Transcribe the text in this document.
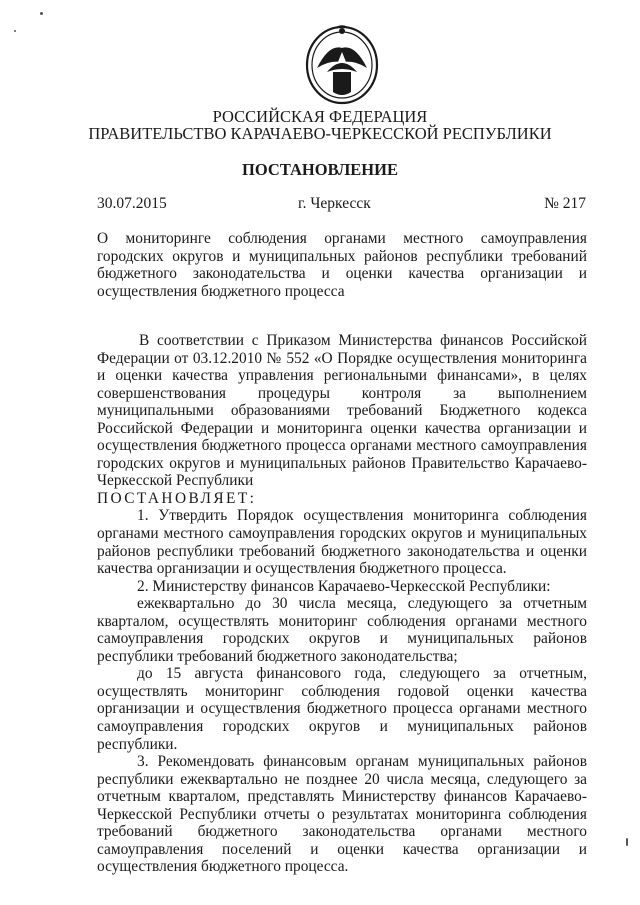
РОССИЙСКАЯ ФЕДЕРАЦИЯ
ПРАВИТЕЛЬСТВО КАРАЧАЕВО-ЧЕРКЕССКОЙ РЕСПУБЛИКИ
ПОСТАНОВЛЕНИЕ
30.07.2015	г. Черкесск	№ 217
О мониторинге соблюдения органами местного самоуправления городских округов и муниципальных районов республики требований бюджетного законодательства и оценки качества организации и осуществления бюджетного процесса

В соответствии с Приказом Министерства финансов Российской Федерации от 03.12.2010 № 552 «О Порядке осуществления мониторинга и оценки качества управления региональными финансами», в целях совершенствования процедуры контроля за выполнением муниципальными образованиями требований Бюджетного кодекса Российской Федерации и мониторинга оценки качества организации и осуществления бюджетного процесса органами местного самоуправления городских округов и муниципальных районов Правительство Карачаево-Черкесской Республики

ПОСТАНОВЛЯЕТ:

1. Утвердить Порядок осуществления мониторинга соблюдения органами местного самоуправления городских округов и муниципальных районов республики требований бюджетного законодательства и оценки качества организации и осуществления бюджетного процесса.

2. Министерству финансов Карачаево-Черкесской Республики:

ежеквартально до 30 числа месяца, следующего за отчетным кварталом, осуществлять мониторинг соблюдения органами местного самоуправления городских округов и муниципальных районов республики требований бюджетного законодательства;

до 15 августа финансового года, следующего за отчетным, осуществлять мониторинг соблюдения годовой оценки качества организации и осуществления бюджетного процесса органами местного самоуправления городских округов и муниципальных районов республики.

3. Рекомендовать финансовым органам муниципальных районов республики ежеквартально не позднее 20 числа месяца, следующего за отчетным кварталом, представлять Министерству финансов Карачаево-Черкесской Республики отчеты о результатах мониторинга соблюдения требований бюджетного законодательства органами местного самоуправления поселений и оценки качества организации и осуществления бюджетного процесса.
